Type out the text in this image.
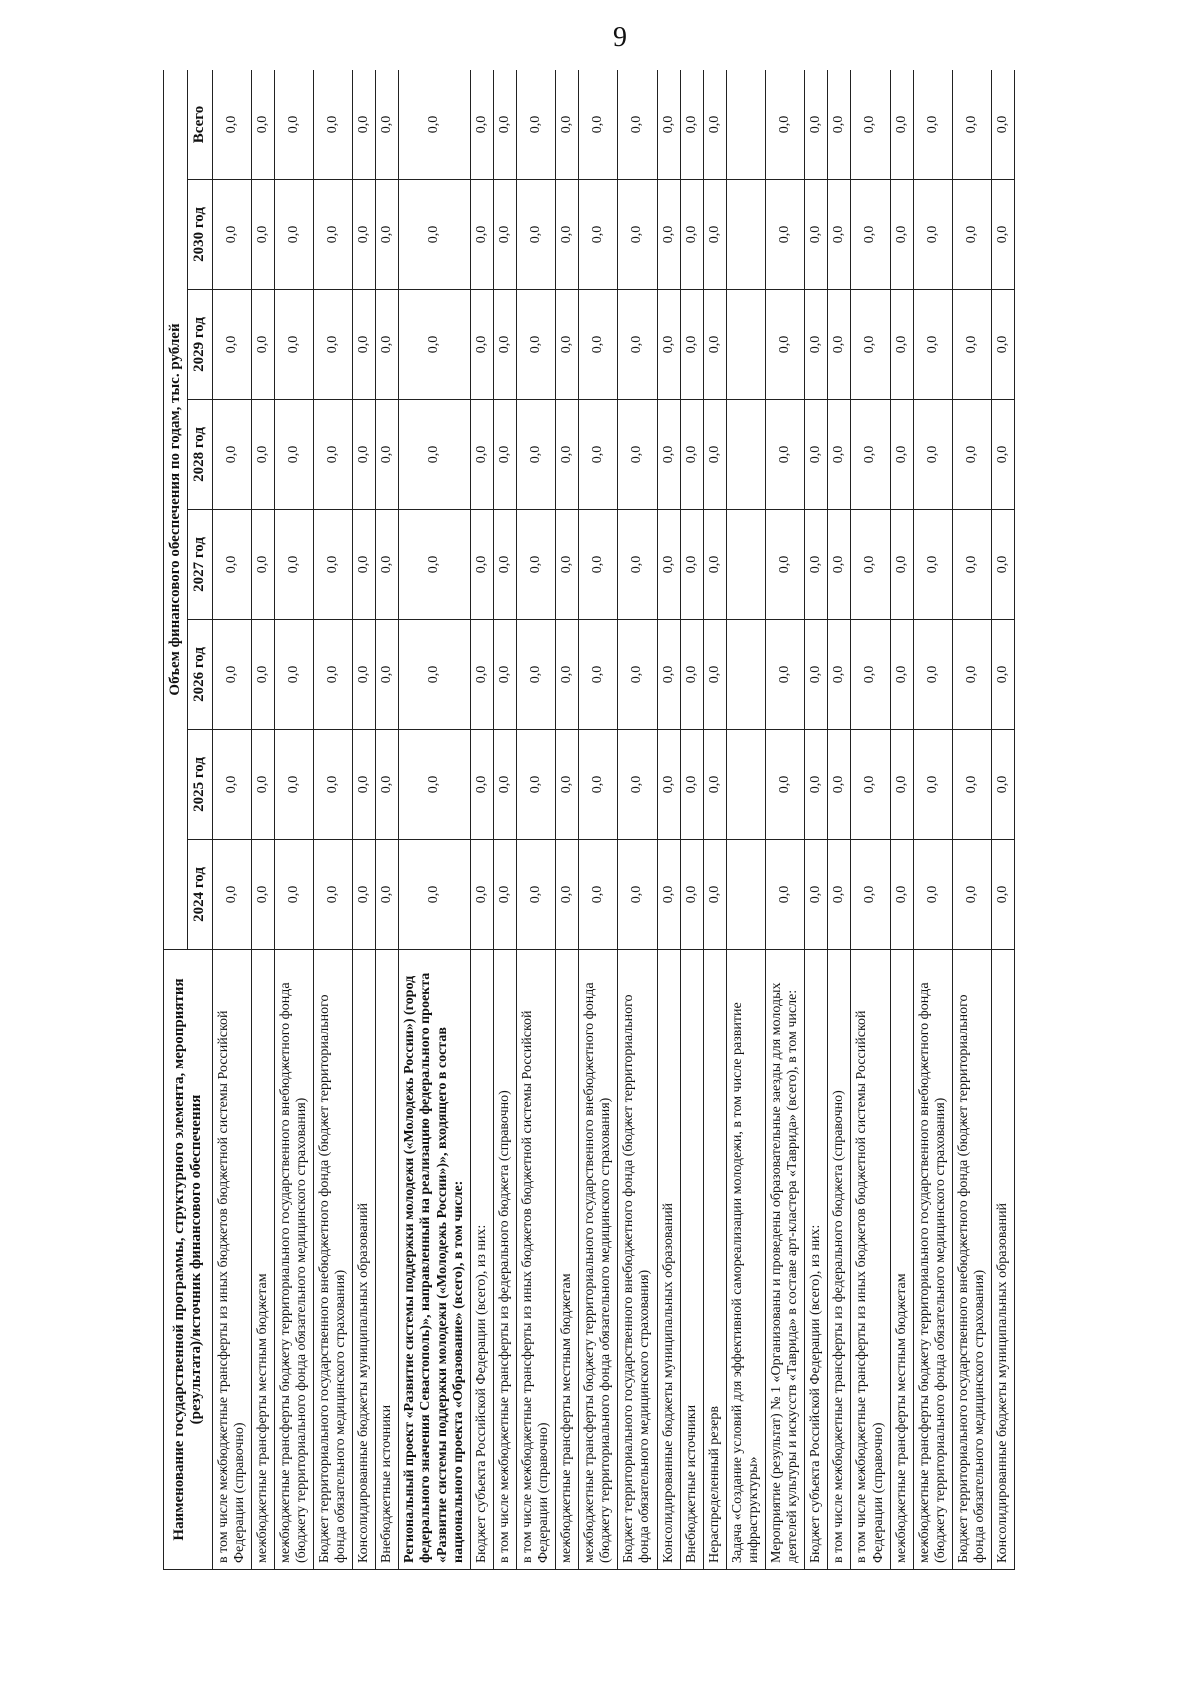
9
Наименование государственной программы, структурного элемента, мероприятия (результата)/источник финансового обеспечения	Объем финансового обеспечения по годам, тыс. рублей							
	2024 год	2025 год	2026 год	2027 год	2028 год	2029 год	2030 год	Всего
в том числе межбюджетные трансферты из иных бюджетов бюджетной системы Российской Федерации (справочно)	0,0	0,0	0,0	0,0	0,0	0,0	0,0	0,0
межбюджетные трансферты местным бюджетам	0,0	0,0	0,0	0,0	0,0	0,0	0,0	0,0
межбюджетные трансферты бюджету территориального государственного внебюджетного фонда (бюджету территориального фонда обязательного медицинского страхования)	0,0	0,0	0,0	0,0	0,0	0,0	0,0	0,0
Бюджет территориального государственного внебюджетного фонда (бюджет территориального фонда обязательного медицинского страхования)	0,0	0,0	0,0	0,0	0,0	0,0	0,0	0,0
Консолидированные бюджеты муниципальных образований	0,0	0,0	0,0	0,0	0,0	0,0	0,0	0,0
Внебюджетные источники	0,0	0,0	0,0	0,0	0,0	0,0	0,0	0,0
Региональный проект «Развитие системы поддержки молодежи («Молодежь России») (город федерального значения Севастополь)», направленный на реализацию федерального проекта «Развитие системы поддержки молодежи («Молодежь России»)», входящего в состав национального проекта «Образование» (всего), в том числе:	0,0	0,0	0,0	0,0	0,0	0,0	0,0	0,0
Бюджет субъекта Российской Федерации (всего), из них:	0,0	0,0	0,0	0,0	0,0	0,0	0,0	0,0
в том числе межбюджетные трансферты из федерального бюджета (справочно)	0,0	0,0	0,0	0,0	0,0	0,0	0,0	0,0
в том числе межбюджетные трансферты из иных бюджетов бюджетной системы Российской Федерации (справочно)	0,0	0,0	0,0	0,0	0,0	0,0	0,0	0,0
межбюджетные трансферты местным бюджетам	0,0	0,0	0,0	0,0	0,0	0,0	0,0	0,0
межбюджетные трансферты бюджету территориального государственного внебюджетного фонда (бюджету территориального фонда обязательного медицинского страхования)	0,0	0,0	0,0	0,0	0,0	0,0	0,0	0,0
Бюджет территориального государственного внебюджетного фонда (бюджет территориального фонда обязательного медицинского страхования)	0,0	0,0	0,0	0,0	0,0	0,0	0,0	0,0
Консолидированные бюджеты муниципальных образований	0,0	0,0	0,0	0,0	0,0	0,0	0,0	0,0
Внебюджетные источники	0,0	0,0	0,0	0,0	0,0	0,0	0,0	0,0
Нераспределенный резерв	0,0	0,0	0,0	0,0	0,0	0,0	0,0	0,0
Задача «Создание условий для эффективной самореализации молодежи, в том числе развитие инфраструктуры»								
Мероприятие (результат) № 1 «Организованы и проведены образовательные заезды для молодых деятелей культуры и искусств «Таврида» в составе арт-кластера «Таврида» (всего), в том числе:	0,0	0,0	0,0	0,0	0,0	0,0	0,0	0,0
Бюджет субъекта Российской Федерации (всего), из них:	0,0	0,0	0,0	0,0	0,0	0,0	0,0	0,0
в том числе межбюджетные трансферты из федерального бюджета (справочно)	0,0	0,0	0,0	0,0	0,0	0,0	0,0	0,0
в том числе межбюджетные трансферты из иных бюджетов бюджетной системы Российской Федерации (справочно)	0,0	0,0	0,0	0,0	0,0	0,0	0,0	0,0
межбюджетные трансферты местным бюджетам	0,0	0,0	0,0	0,0	0,0	0,0	0,0	0,0
межбюджетные трансферты бюджету территориального государственного внебюджетного фонда (бюджету территориального фонда обязательного медицинского страхования)	0,0	0,0	0,0	0,0	0,0	0,0	0,0	0,0
Бюджет территориального государственного внебюджетного фонда (бюджет территориального фонда обязательного медицинского страхования)	0,0	0,0	0,0	0,0	0,0	0,0	0,0	0,0
Консолидированные бюджеты муниципальных образований	0,0	0,0	0,0	0,0	0,0	0,0	0,0	0,0
